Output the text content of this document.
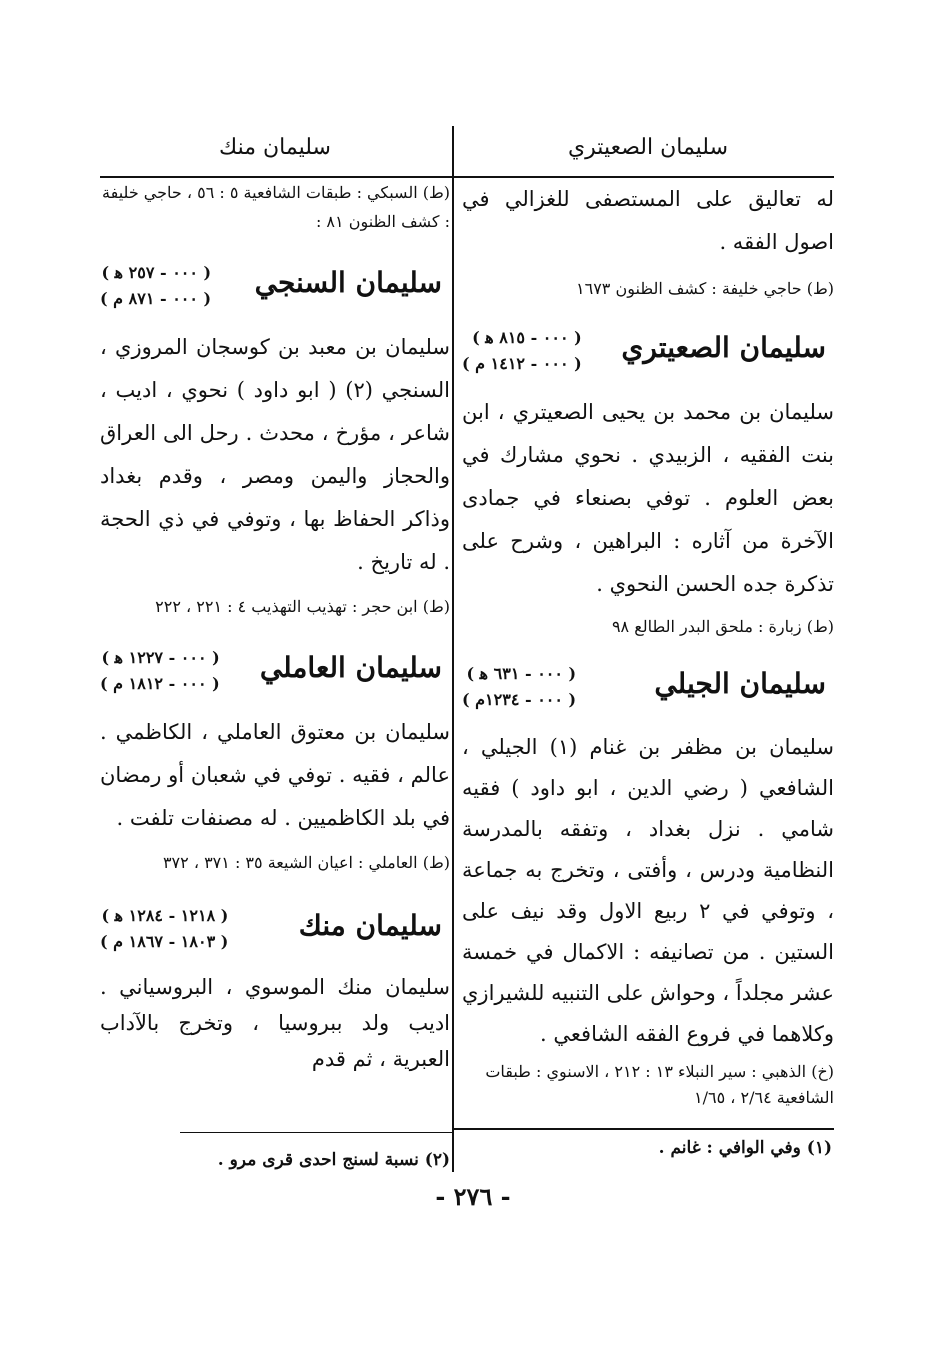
سليمان الصعيتري
له تعاليق على المستصفى للغزالي في اصول الفقه .
(ط) حاجي خليفة : كشف الظنون ١٦٧٣
سليمان الصعيتري
( ٠٠٠ - ٨١٥ ﻫ )
( ٠٠٠ - ١٤١٢ م )
سليمان بن محمد بن يحيى الصعيتري ، ابن بنت الفقيه ، الزبيدي . نحوي مشارك في بعض العلوم . توفي بصنعاء في جمادى الآخرة من آثاره : البراهين ، وشرح على تذكرة جده الحسن النحوي .
(ط) زبارة : ملحق البدر الطالع ٩٨
سليمان الجيلي
( ٠٠٠ - ٦٣١ ﻫ )
( ٠٠٠ - ١٢٣٤م )
سليمان بن مظفر بن غنام (١) الجيلي ، الشافعي ( رضي الدين ، ابو داود ) فقيه شامي . نزل بغداد ، وتفقه بالمدرسة النظامية ودرس ، وأفتى ، وتخرج به جماعة ، وتوفي في ٢ ربيع الاول وقد نيف على الستين . من تصانيفه : الاكمال في خمسة عشر مجلداً ، وحواش على التنبيه للشيرازي وكلاهما في فروع الفقه الشافعي .
(خ) الذهبي : سير النبلاء ١٣ : ٢١٢ ، الاسنوي : طبقات الشافعية ٢/٦٤ ، ١/٦٥
سليمان منك
(ط) السبكي : طبقات الشافعية ٥ : ٥٦ ، حاجي خليفة : كشف الظنون ٨١ :
سليمان السنجي
( ٠٠٠ - ٢٥٧ ﻫ )
( ٠٠٠ - ٨٧١ م )
سليمان بن معبد بن كوسجان المروزي ، السنجي (٢) ( ابو داود ) نحوي ، اديب ، شاعر ، مؤرخ ، محدث . رحل الى العراق والحجاز واليمن ومصر ، وقدم بغداد وذاكر الحفاظ بها ، وتوفي في ذي الحجة . له تاريخ .
(ط) ابن حجر : تهذيب التهذيب ٤ : ٢٢١ ، ٢٢٢
سليمان العاملي
( ٠٠٠ - ١٢٢٧ ﻫ )
( ٠٠٠ - ١٨١٢ م )
سليمان بن معتوق العاملي ، الكاظمي . عالم ، فقيه . توفي في شعبان أو رمضان في بلد الكاظميين . له مصنفات تلفت .
(ط) العاملي : اعيان الشيعة ٣٥ : ٣٧١ ، ٣٧٢
سليمان منك
( ١٢١٨ - ١٢٨٤ ﻫ )
( ١٨٠٣ - ١٨٦٧ م )
سليمان منك الموسوي ، البروسياني . اديب ولد ببروسيا ، وتخرج بالآداب العبرية ، ثم قدم
(١) وفي الوافي : غانم .
(٢) نسبة لسنج احدى قرى مرو .
- ٢٧٦ -
